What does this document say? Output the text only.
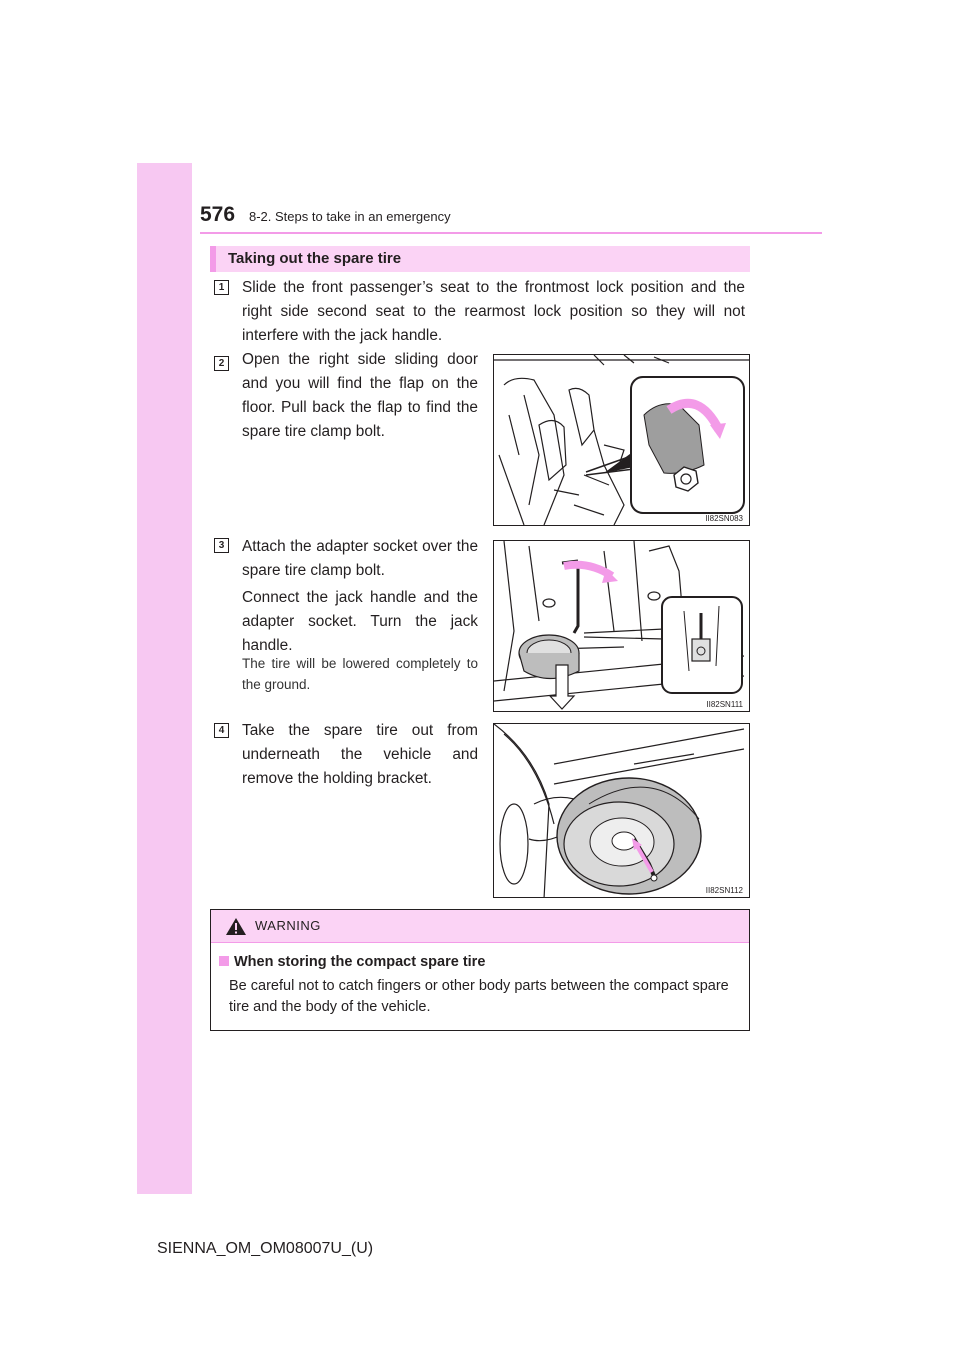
576 8-2. Steps to take in an emergency
Taking out the spare tire
1	Slide the front passenger’s seat to the frontmost lock position and the right side second seat to the rearmost lock position so they will not interfere with the jack handle.
2	Open the right side sliding door and you will find the flap on the floor. Pull back the flap to find the spare tire clamp bolt.
II82SN083
3	Attach the adapter socket over the spare tire clamp bolt.
Connect the jack handle and the adapter socket. Turn the jack handle.
The tire will be lowered completely to the ground.
II82SN111
4	Take the spare tire out from underneath the vehicle and remove the holding bracket.
II82SN112
WARNING
When storing the compact spare tire
Be careful not to catch fingers or other body parts between the compact spare tire and the body of the vehicle.
SIENNA_OM_OM08007U_(U)
